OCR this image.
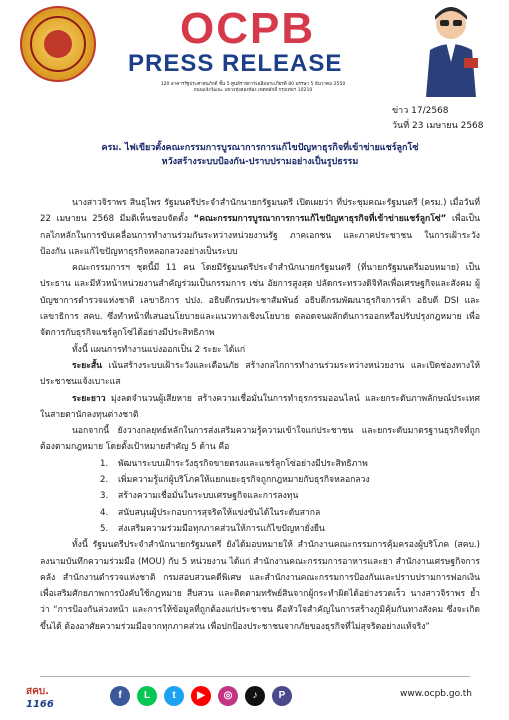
OCPB
PRESS RELEASE
120 อาคารรัฐประศาสนภักดี ชั้น 5 ศูนย์ราชการเฉลิมพระเกียรติ 80 พรรษา 5 ธันวาคม 2550
ถนนแจ้งวัฒนะ แขวงทุ่งสองห้อง เขตหลักสี่ กรุงเทพฯ 10210
ข่าว 17/2568
วันที่ 23 เมษายน 2568
ครม. ไฟเขียวตั้งคณะกรรมการบูรณาการการแก้ไขปัญหาธุรกิจที่เข้าข่ายแชร์ลูกโซ่
หวังสร้างระบบป้องกัน-ปราบปรามอย่างเป็นรูปธรรม

นางสาวจิราพร สินธุไพร รัฐมนตรีประจำสำนักนายกรัฐมนตรี เปิดเผยว่า ที่ประชุมคณะรัฐมนตรี (ครม.) เมื่อวันที่ 22 เมษายน 2568 มีมติเห็นชอบจัดตั้ง “คณะกรรมการบูรณาการการแก้ไขปัญหาธุรกิจที่เข้าข่ายแชร์ลูกโซ่” เพื่อเป็นกลไกหลักในการขับเคลื่อนการทำงานร่วมกันระหว่างหน่วยงานรัฐ ภาคเอกชน และภาคประชาชน ในการเฝ้าระวัง ป้องกัน และแก้ไขปัญหาธุรกิจหลอกลวงอย่างเป็นระบบ

คณะกรรมการฯ ชุดนี้มี 11 คน โดยมีรัฐมนตรีประจำสำนักนายกรัฐมนตรี (ที่นายกรัฐมนตรีมอบหมาย) เป็นประธาน และมีหัวหน้าหน่วยงานสำคัญร่วมเป็นกรรมการ เช่น อัยการสูงสุด ปลัดกระทรวงดิจิทัลเพื่อเศรษฐกิจและสังคม ผู้บัญชาการตำรวจแห่งชาติ เลขาธิการ ปปง. อธิบดีกรมประชาสัมพันธ์ อธิบดีกรมพัฒนาธุรกิจการค้า อธิบดี DSI และเลขาธิการ สคบ. ซึ่งทำหน้าที่เสนอนโยบายและแนวทางเชิงนโยบาย ตลอดจนผลักดันการออกหรือปรับปรุงกฎหมาย เพื่อจัดการกับธุรกิจแชร์ลูกโซ่ได้อย่างมีประสิทธิภาพ

ทั้งนี้ แผนการทำงานแบ่งออกเป็น 2 ระยะ ได้แก่

ระยะสั้น เน้นสร้างระบบเฝ้าระวังและเตือนภัย สร้างกลไกการทำงานร่วมระหว่างหน่วยงาน และเปิดช่องทางให้ประชาชนแจ้งเบาะแส

ระยะยาว มุ่งลดจำนวนผู้เสียหาย สร้างความเชื่อมั่นในการทำธุรกรรมออนไลน์ และยกระดับภาพลักษณ์ประเทศในสายตานักลงทุนต่างชาติ

นอกจากนี้ ยังวางกลยุทธ์หลักในการส่งเสริมความรู้ความเข้าใจแก่ประชาชน และยกระดับมาตรฐานธุรกิจที่ถูกต้องตามกฎหมาย โดยตั้งเป้าหมายสำคัญ 5 ด้าน คือ

1. พัฒนาระบบเฝ้าระวังธุรกิจขายตรงและแชร์ลูกโซ่อย่างมีประสิทธิภาพ
2. เพิ่มความรู้แก่ผู้บริโภคให้แยกแยะธุรกิจถูกกฎหมายกับธุรกิจหลอกลวง
3. สร้างความเชื่อมั่นในระบบเศรษฐกิจและการลงทุน
4. สนับสนุนผู้ประกอบการสุจริตให้แข่งขันได้ในระดับสากล
5. ส่งเสริมความร่วมมือทุกภาคส่วนให้การแก้ไขปัญหายั่งยืน

ทั้งนี้ รัฐมนตรีประจำสำนักนายกรัฐมนตรี ยังได้มอบหมายให้ สำนักงานคณะกรรมการคุ้มครองผู้บริโภค (สคบ.) ลงนามบันทึกความร่วมมือ (MOU) กับ 5 หน่วยงาน ได้แก่ สำนักงานคณะกรรมการอาหารและยา สำนักงานเศรษฐกิจการคลัง สำนักงานตำรวจแห่งชาติ กรมสอบสวนคดีพิเศษ และสำนักงานคณะกรรมการป้องกันและปราบปรามการฟอกเงิน เพื่อเสริมศักยภาพการบังคับใช้กฎหมาย สืบสวน และติดตามทรัพย์สินจากผู้กระทำผิดได้อย่างรวดเร็ว นางสาวจิราพร ย้ำว่า “การป้องกันล่วงหน้า และการให้ข้อมูลที่ถูกต้องแก่ประชาชน คือหัวใจสำคัญในการสร้างภูมิคุ้มกันทางสังคม ซึ่งจะเกิดขึ้นได้ ต้องอาศัยความร่วมมือจากทุกภาคส่วน เพื่อปกป้องประชาชนจากภัยของธุรกิจที่ไม่สุจริตอย่างแท้จริง”

สคบ.
1166
f	L	t	▶	◎	♪	P	www.ocpb.go.th
